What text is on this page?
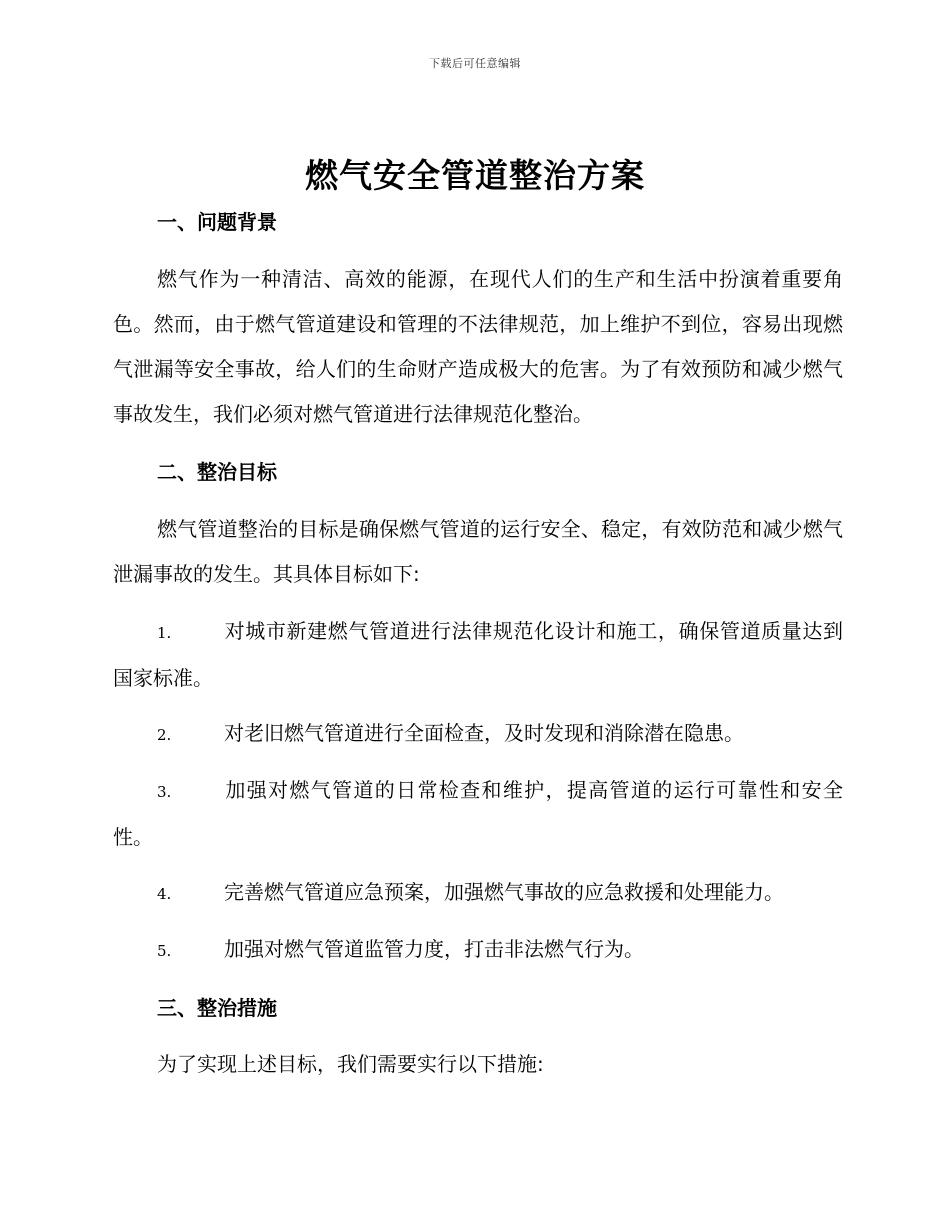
下载后可任意编辑
燃气安全管道整治方案
一、问题背景
燃气作为一种清洁、高效的能源，在现代人们的生产和生活中扮演着重要角色。然而，由于燃气管道建设和管理的不法律规范，加上维护不到位，容易出现燃气泄漏等安全事故，给人们的生命财产造成极大的危害。为了有效预防和减少燃气事故发生，我们必须对燃气管道进行法律规范化整治。
二、整治目标
燃气管道整治的目标是确保燃气管道的运行安全、稳定，有效防范和减少燃气泄漏事故的发生。其具体目标如下:
1.	对城市新建燃气管道进行法律规范化设计和施工，确保管道质量达到国家标准。
2.	对老旧燃气管道进行全面检查，及时发现和消除潜在隐患。
3.	加强对燃气管道的日常检查和维护，提高管道的运行可靠性和安全性。
4.	完善燃气管道应急预案，加强燃气事故的应急救援和处理能力。
5.	加强对燃气管道监管力度，打击非法燃气行为。
三、整治措施
为了实现上述目标，我们需要实行以下措施:
